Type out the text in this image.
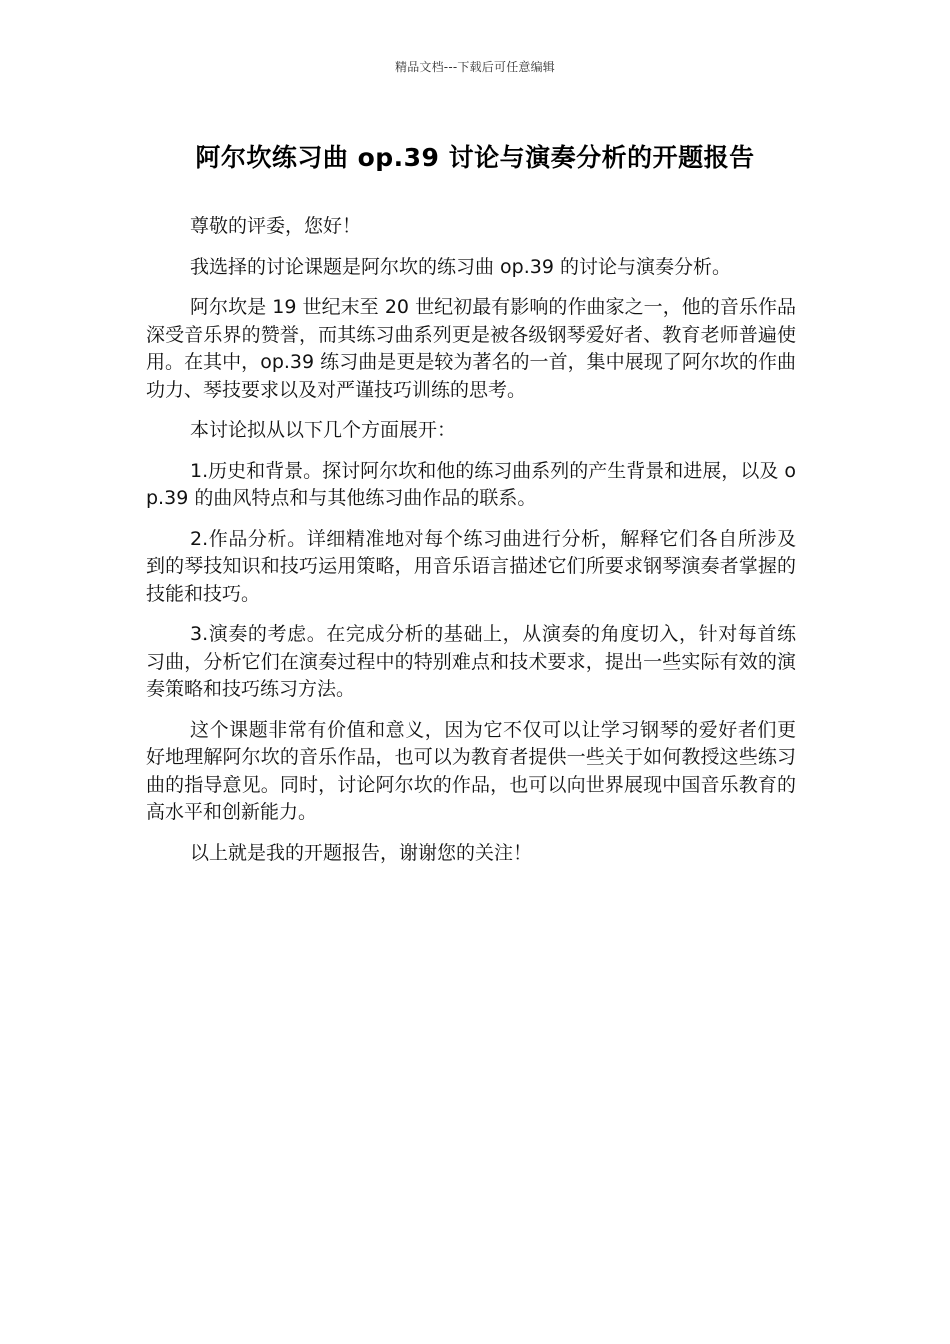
精品文档---下载后可任意编辑
阿尔坎练习曲 op.39 讨论与演奏分析的开题报告

尊敬的评委，您好！

我选择的讨论课题是阿尔坎的练习曲 op.39 的讨论与演奏分析。

阿尔坎是 19 世纪末至 20 世纪初最有影响的作曲家之一，他的音乐作品深受音乐界的赞誉，而其练习曲系列更是被各级钢琴爱好者、教育老师普遍使用。在其中，op.39 练习曲是更是较为著名的一首，集中展现了阿尔坎的作曲功力、琴技要求以及对严谨技巧训练的思考。

本讨论拟从以下几个方面展开：

1.历史和背景。探讨阿尔坎和他的练习曲系列的产生背景和进展，以及 op.39 的曲风特点和与其他练习曲作品的联系。

2.作品分析。详细精准地对每个练习曲进行分析，解释它们各自所涉及到的琴技知识和技巧运用策略，用音乐语言描述它们所要求钢琴演奏者掌握的技能和技巧。

3.演奏的考虑。在完成分析的基础上，从演奏的角度切入，针对每首练习曲，分析它们在演奏过程中的特别难点和技术要求，提出一些实际有效的演奏策略和技巧练习方法。

这个课题非常有价值和意义，因为它不仅可以让学习钢琴的爱好者们更好地理解阿尔坎的音乐作品，也可以为教育者提供一些关于如何教授这些练习曲的指导意见。同时，讨论阿尔坎的作品，也可以向世界展现中国音乐教育的高水平和创新能力。

以上就是我的开题报告，谢谢您的关注！
